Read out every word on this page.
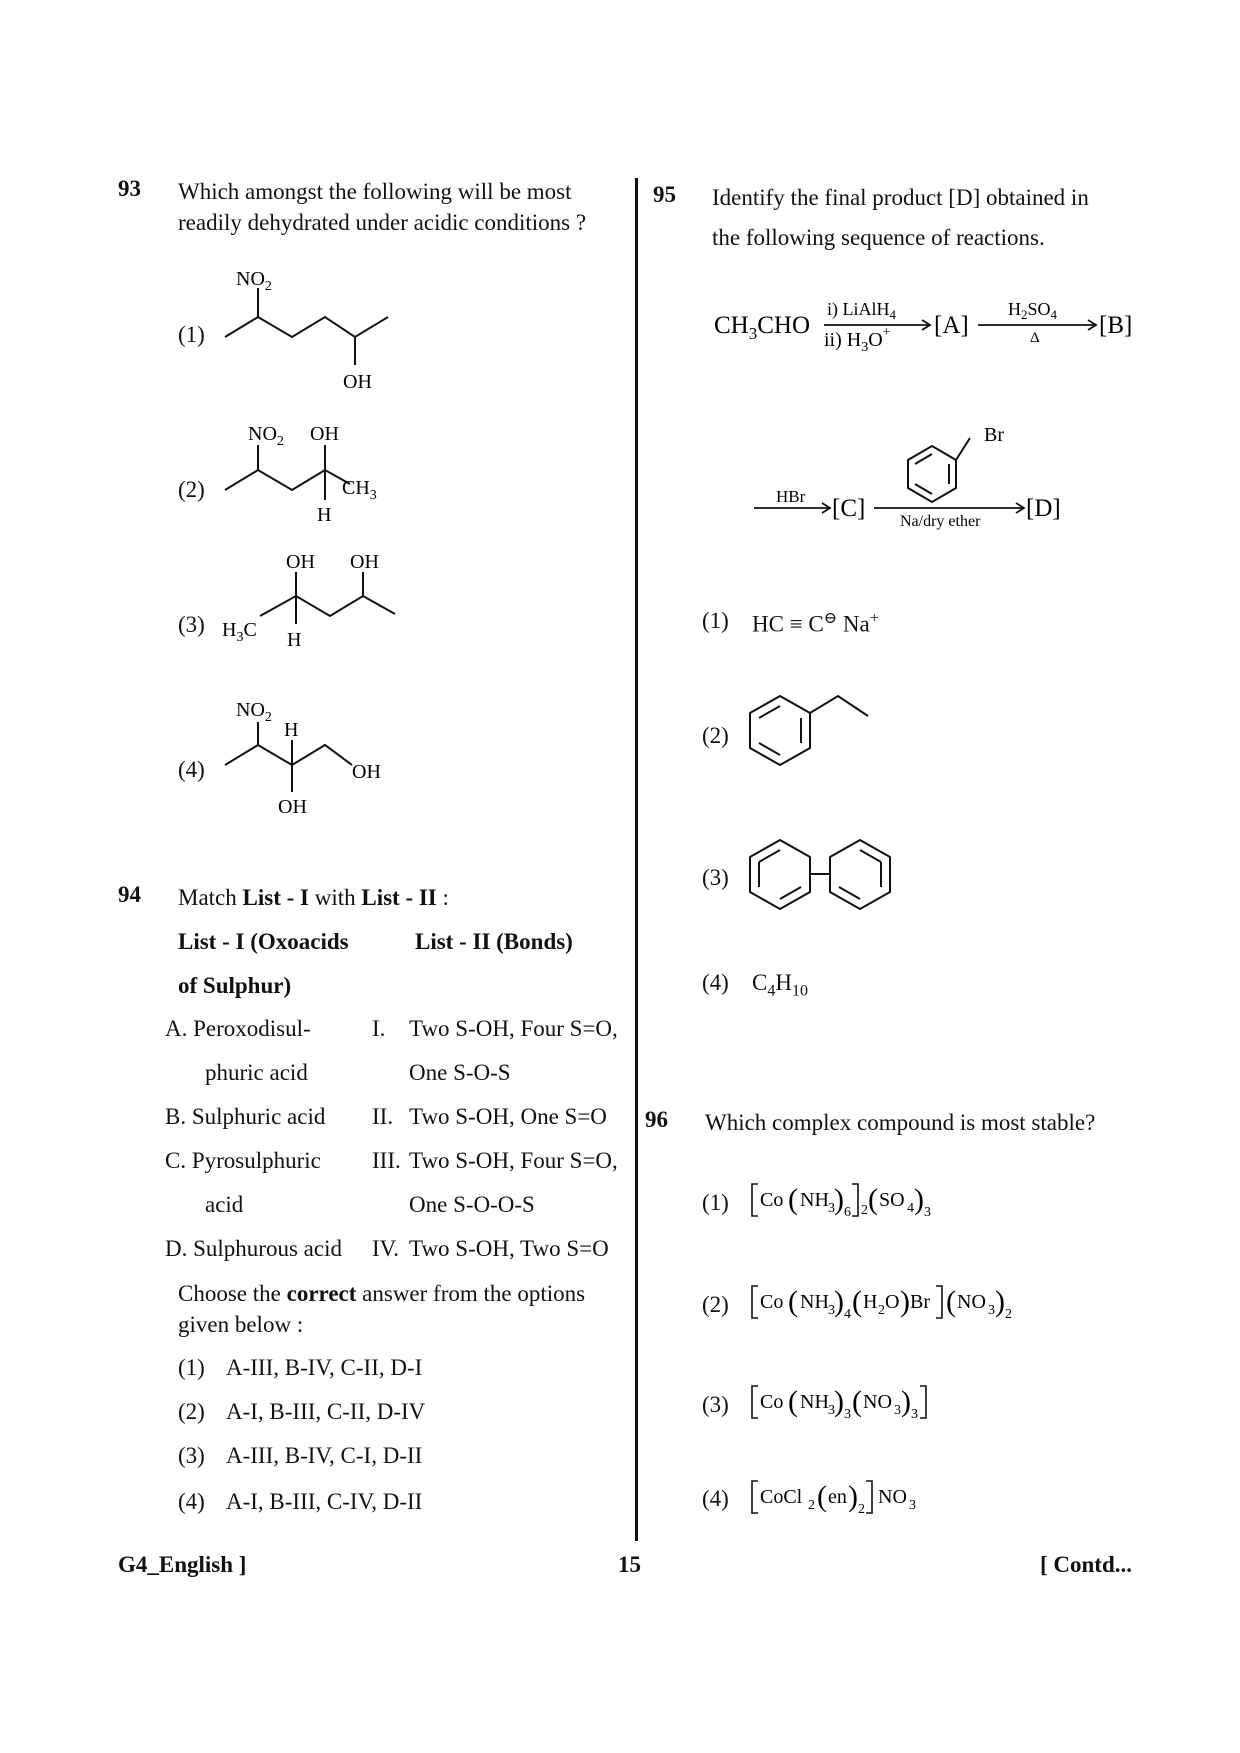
93 Which amongst the following will be most
readily dehydrated under acidic conditions ?
(1)
(2)
(3)
(4)
$NO_2$
OH
$NO_2$ OH
$CH_3$
H
OH OH
$H_3C$ H
$NO_2$
H
OH
OH
94 Match List - I with List - II :
List - I (Oxoacids
of Sulphur)
List - II (Bonds)
A. Peroxodisul-
phuric acid
I. Two S-OH, Four S=O,
One S-O-S
B. Sulphuric acid II. Two S-OH, One S=O
C. Pyrosulphuric
acid
III. Two S-OH, Four S=O,
One S-O-O-S
D. Sulphurous acid IV. Two S-OH, Two S=O
Choose the correct answer from the options
given below :
(1) A-III, B-IV, C-II, D-I
(2) A-I, B-III, C-II, D-IV
(3) A-III, B-IV, C-I, D-II
(4) A-I, B-III, C-IV, D-II
95 Identify the final product [D] obtained in
the following sequence of reactions.
$CH_3CHO$
i) LiAlH$_4$
ii) $H_3O^+$ [A]
$H_2SO_4$
Δ [B]
HBr [C]
Br
Na/dry ether [D]
(1) HC ≡ C⊖ Na+
(2)
(3)
(4) $C_4H_{10}$
96 Which complex compound is most stable?
(1) Co ( NH 3 ) 6 2 ( SO 4 ) 3
(2) Co ( NH 3 ) 4 ( H 2 O ) Br ( NO 3 ) 2
(3) Co ( NH 3 ) 3 ( NO 3 ) 3
(4) CoCl 2 ( en ) 2
NO 3
G4_English ]	15	[ Contd...
